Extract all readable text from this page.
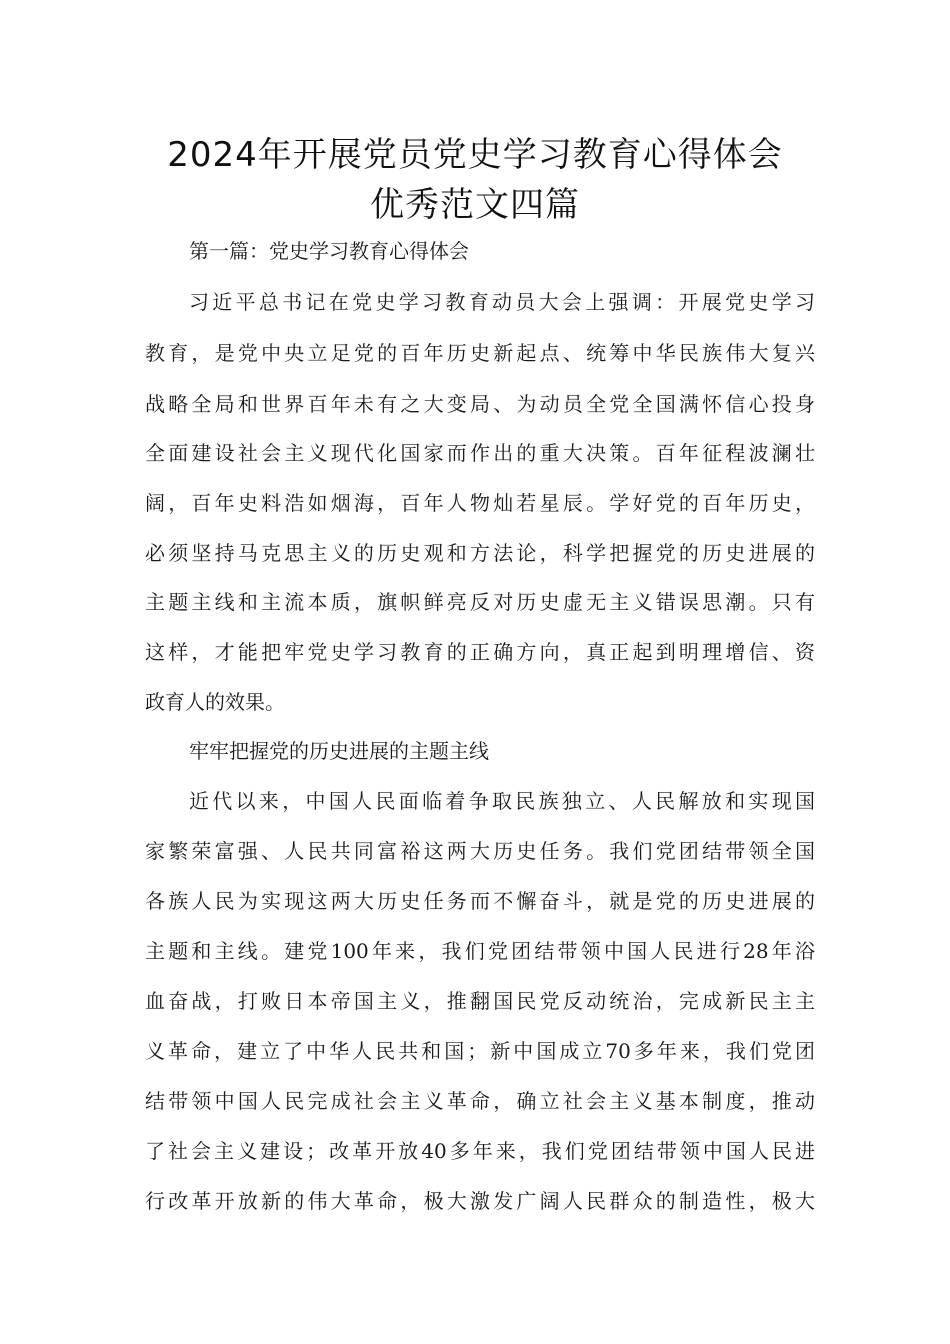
2024年开展党员党史学习教育心得体会
优秀范文四篇
第一篇：党史学习教育心得体会
习近平总书记在党史学习教育动员大会上强调：开展党史学习
教育，是党中央立足党的百年历史新起点、统筹中华民族伟大复兴
战略全局和世界百年未有之大变局、为动员全党全国满怀信心投身
全面建设社会主义现代化国家而作出的重大决策。百年征程波澜壮
阔，百年史料浩如烟海，百年人物灿若星辰。学好党的百年历史，
必须坚持马克思主义的历史观和方法论，科学把握党的历史进展的
主题主线和主流本质，旗帜鲜亮反对历史虚无主义错误思潮。只有
这样，才能把牢党史学习教育的正确方向，真正起到明理增信、资
政育人的效果。
牢牢把握党的历史进展的主题主线
近代以来，中国人民面临着争取民族独立、人民解放和实现国
家繁荣富强、人民共同富裕这两大历史任务。我们党团结带领全国
各族人民为实现这两大历史任务而不懈奋斗，就是党的历史进展的
主题和主线。建党100年来，我们党团结带领中国人民进行28年浴
血奋战，打败日本帝国主义，推翻国民党反动统治，完成新民主主
义革命，建立了中华人民共和国；新中国成立70多年来，我们党团
结带领中国人民完成社会主义革命，确立社会主义基本制度，推动
了社会主义建设；改革开放40多年来，我们党团结带领中国人民进
行改革开放新的伟大革命，极大激发广阔人民群众的制造性，极大
